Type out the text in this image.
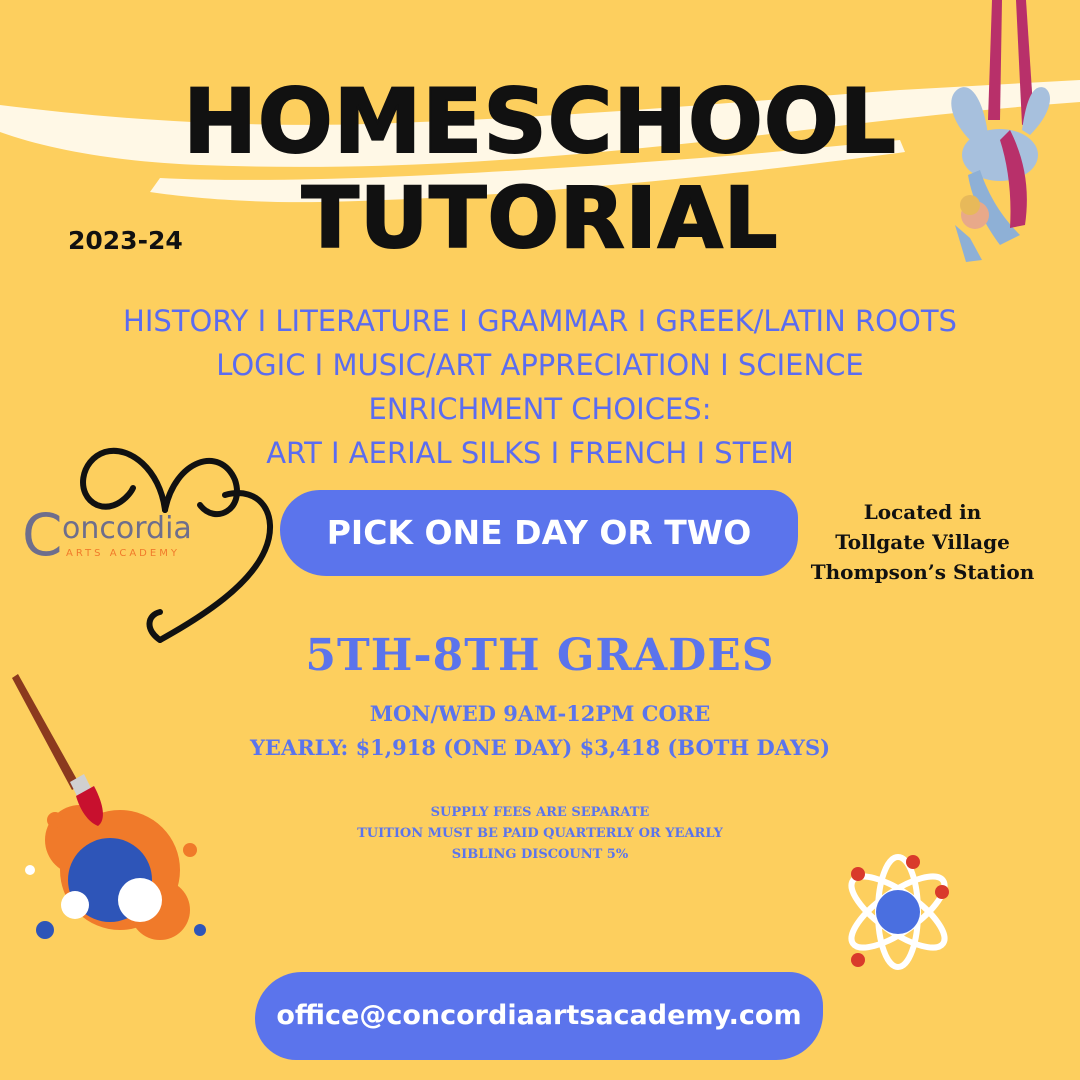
HOMESCHOOL
TUTORIAL
2023-24
HISTORY I LITERATURE I GRAMMAR I GREEK/LATIN ROOTS
LOGIC I MUSIC/ART APPRECIATION I SCIENCE
ENRICHMENT CHOICES:
ART I AERIAL SILKS I FRENCH I STEM
C oncordia
ARTS ACADEMY
PICK ONE DAY OR TWO
Located in
Tollgate Village
Thompson’s Station
5TH-8TH GRADES
MON/WED 9AM-12PM CORE
YEARLY: $1,918 (ONE DAY) $3,418 (BOTH DAYS)
SUPPLY FEES ARE SEPARATE
TUITION MUST BE PAID QUARTERLY OR YEARLY
SIBLING DISCOUNT 5%
office@concordiaartsacademy.com
